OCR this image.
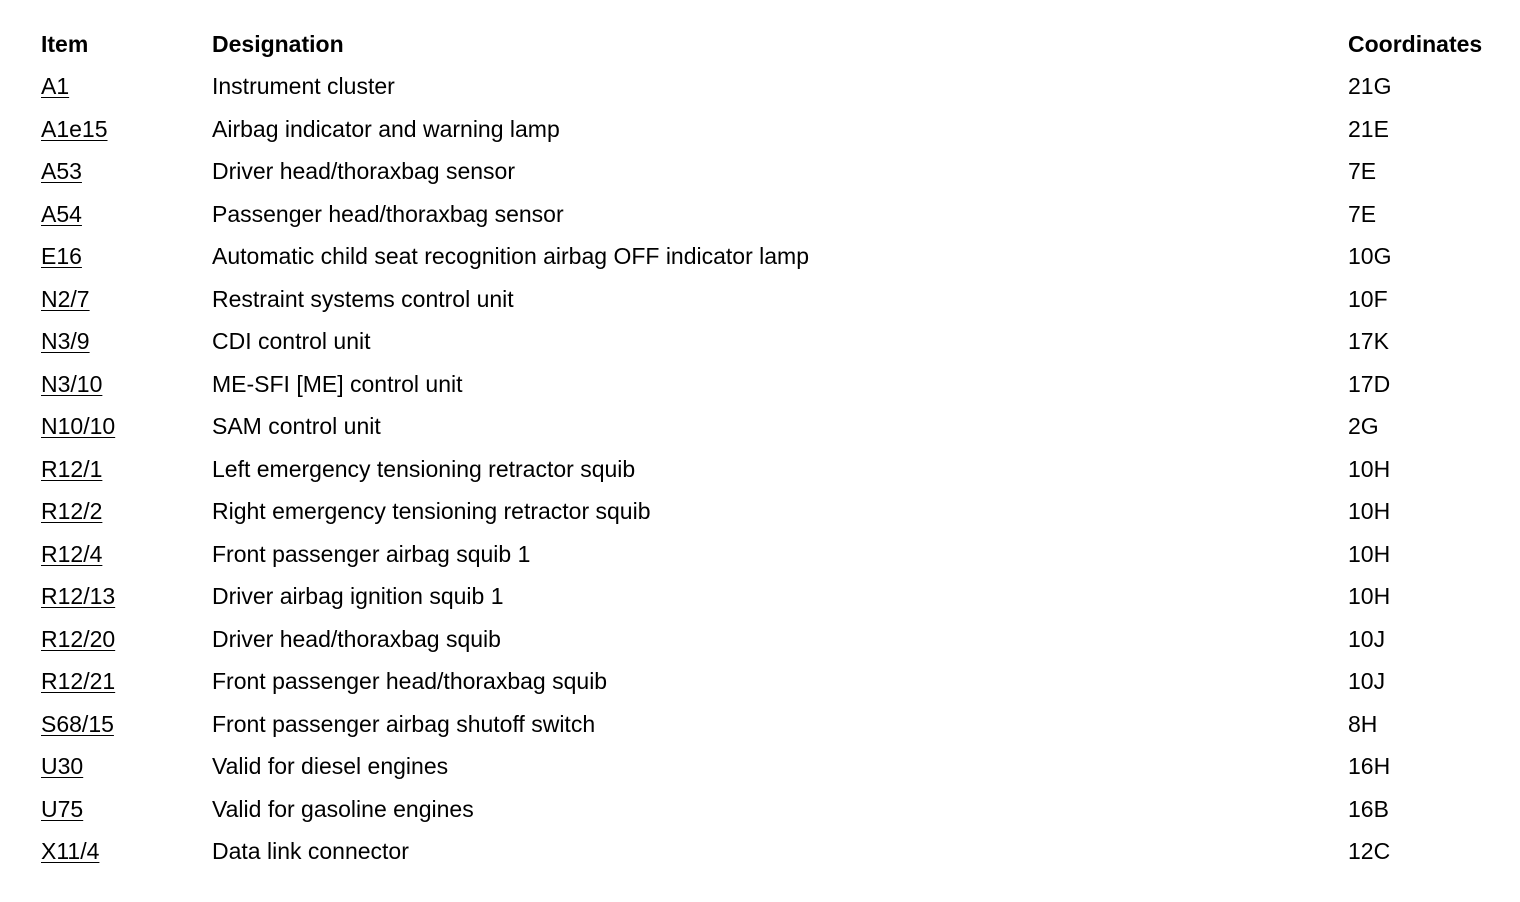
Item	Designation	Coordinates
A1	Instrument cluster	21G
A1e15	Airbag indicator and warning lamp	21E
A53	Driver head/thoraxbag sensor	7E
A54	Passenger head/thoraxbag sensor	7E
E16	Automatic child seat recognition airbag OFF indicator lamp	10G
N2/7	Restraint systems control unit	10F
N3/9	CDI control unit	17K
N3/10	ME-SFI [ME] control unit	17D
N10/10	SAM control unit	2G
R12/1	Left emergency tensioning retractor squib	10H
R12/2	Right emergency tensioning retractor squib	10H
R12/4	Front passenger airbag squib 1	10H
R12/13	Driver airbag ignition squib 1	10H
R12/20	Driver head/thoraxbag squib	10J
R12/21	Front passenger head/thoraxbag squib	10J
S68/15	Front passenger airbag shutoff switch	8H
U30	Valid for diesel engines	16H
U75	Valid for gasoline engines	16B
X11/4	Data link connector	12C
